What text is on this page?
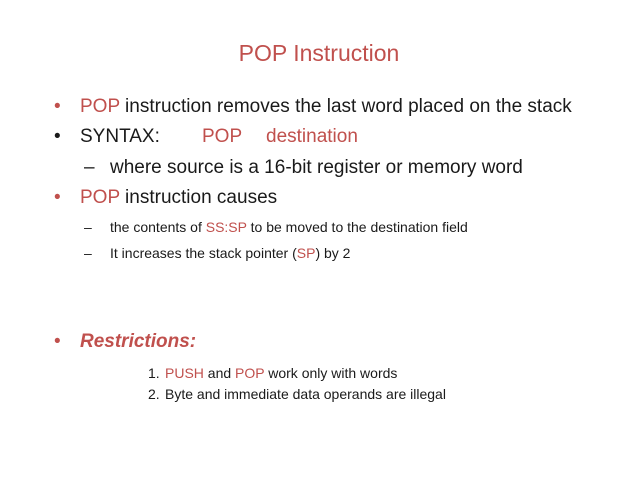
POP Instruction
• POP instruction removes the last word placed on the stack
• SYNTAX: POP destination
– where source is a 16-bit register or memory word
• POP instruction causes
– the contents of SS:SP to be moved to the destination field
– It increases the stack pointer (SP) by 2
• Restrictions:
1. PUSH and POP work only with words
2. Byte and immediate data operands are illegal
